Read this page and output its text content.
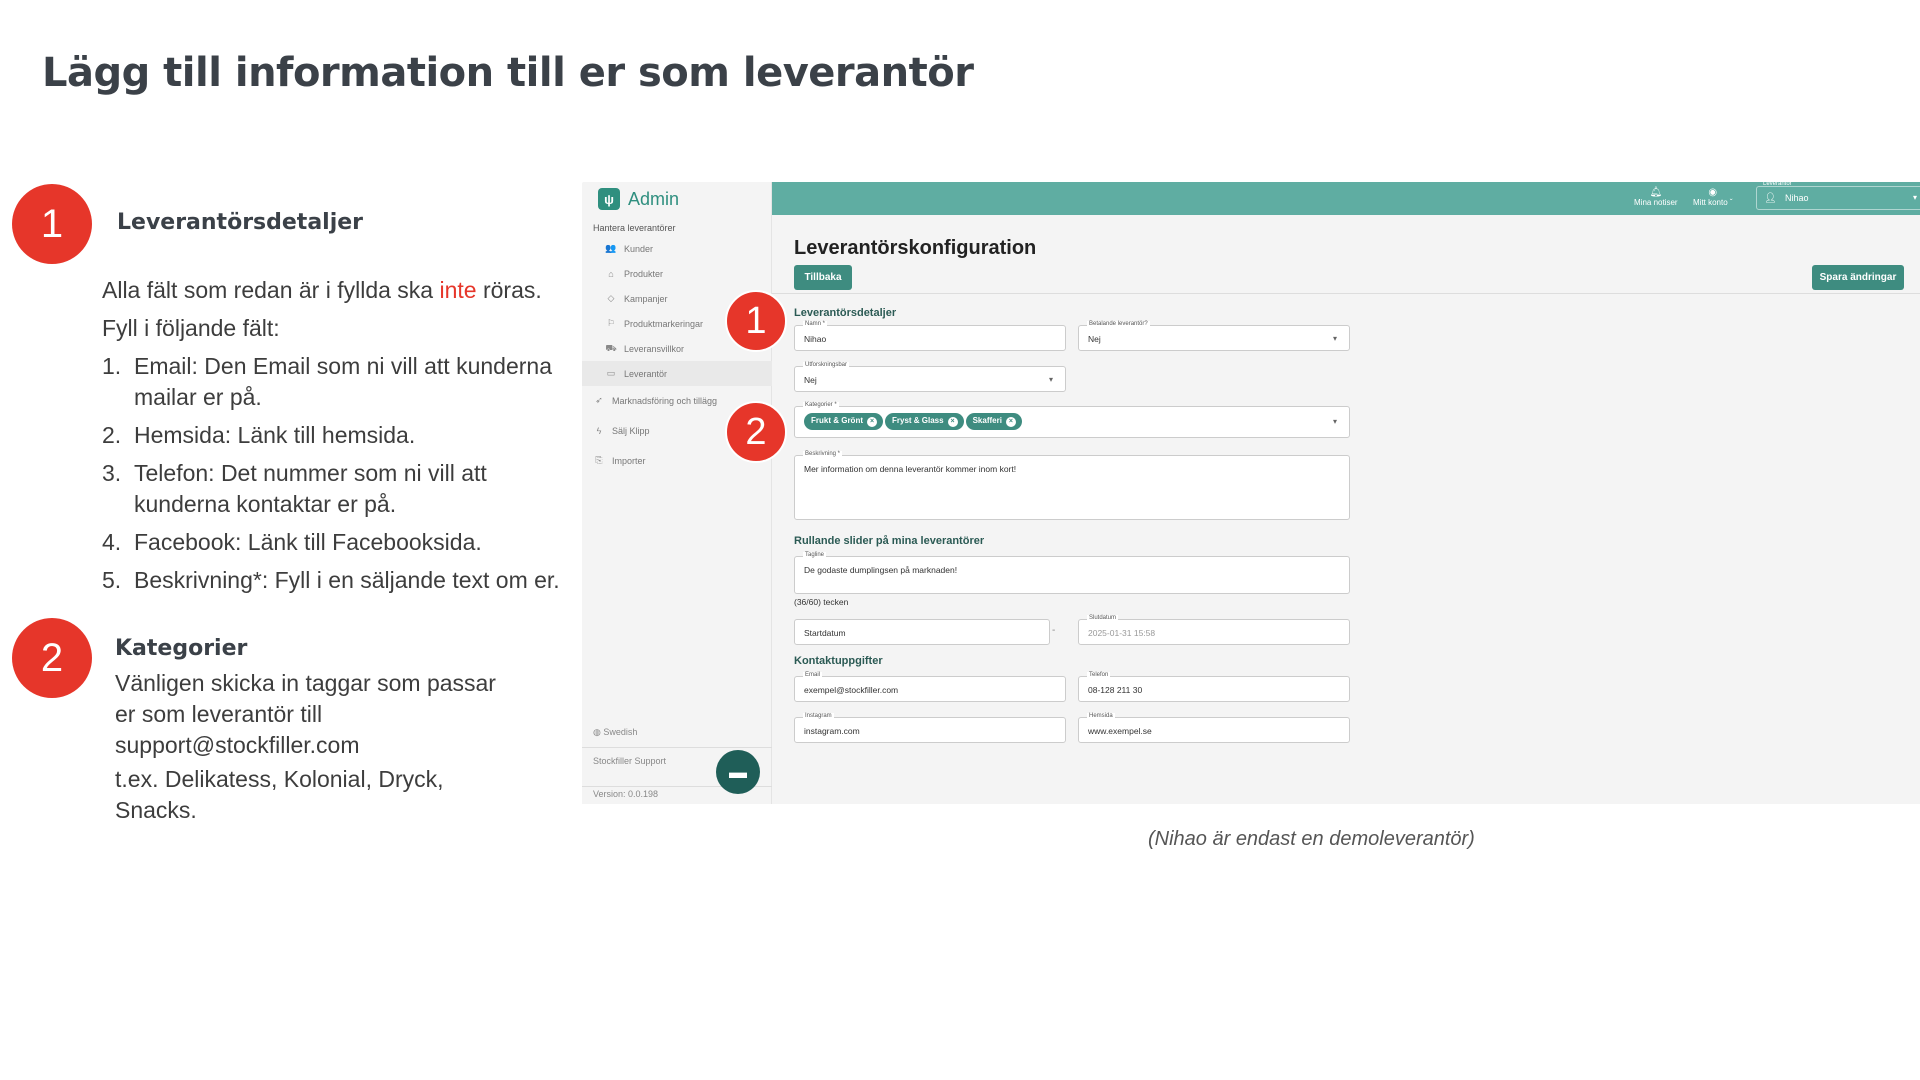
Lägg till information till er som leverantör
1	Leverantörsdetaljer
Alla fält som redan är i fyllda ska inte röras.
Fyll i följande fält:
1. Email: Den Email som ni vill att kunderna mailar er på.
2. Hemsida: Länk till hemsida.
3. Telefon: Det nummer som ni vill att kunderna kontaktar er på.
4. Facebook: Länk till Facebooksida.
5. Beskrivning*: Fyll i en säljande text om er.
2	Kategorier
Vänligen skicka in taggar som passar er som leverantör till support@stockfiller.com
t.ex. Delikatess, Kolonial, Dryck, Snacks.
ψ Admin
Hantera leverantörer
👥 Kunder
⌂	Produkter
◇	Kampanjer
⚐ Produktmarkeringar
⛟ Leveransvillkor
▭ Leverantör
➶	Marknadsföring och tillägg
ϟ	Sälj Klipp
⎘	Importer
◍ Swedish
Stockfiller Support
Version: 0.0.198
▬
🔔︎
Mina notiser
◉
Mitt konto ˇ
Leverantör
👤︎ Nihao	▾
Leverantörskonfiguration
Tillbaka	Spara ändringar
Leverantörsdetaljer
Namn *
Nihao
Betalande leverantör?
Nej	▾
Utforskningsbar
Nej	▾
Kategorier *
Frukt & Grönt × Fryst & Glass × Skafferi ×	▾
Beskrivning *
Mer information om denna leverantör kommer inom kort!
Rullande slider på mina leverantörer
Tagline
De godaste dumplingsen på marknaden!
(36/60) tecken
Startdatum	-
Slutdatum
2025-01-31 15:58
Kontaktuppgifter
Email
exempel@stockfiller.com
Telefon
08-128 211 30
Instagram
instagram.com
Hemsida
www.exempel.se
1
2
(Nihao är endast en demoleverantör)
